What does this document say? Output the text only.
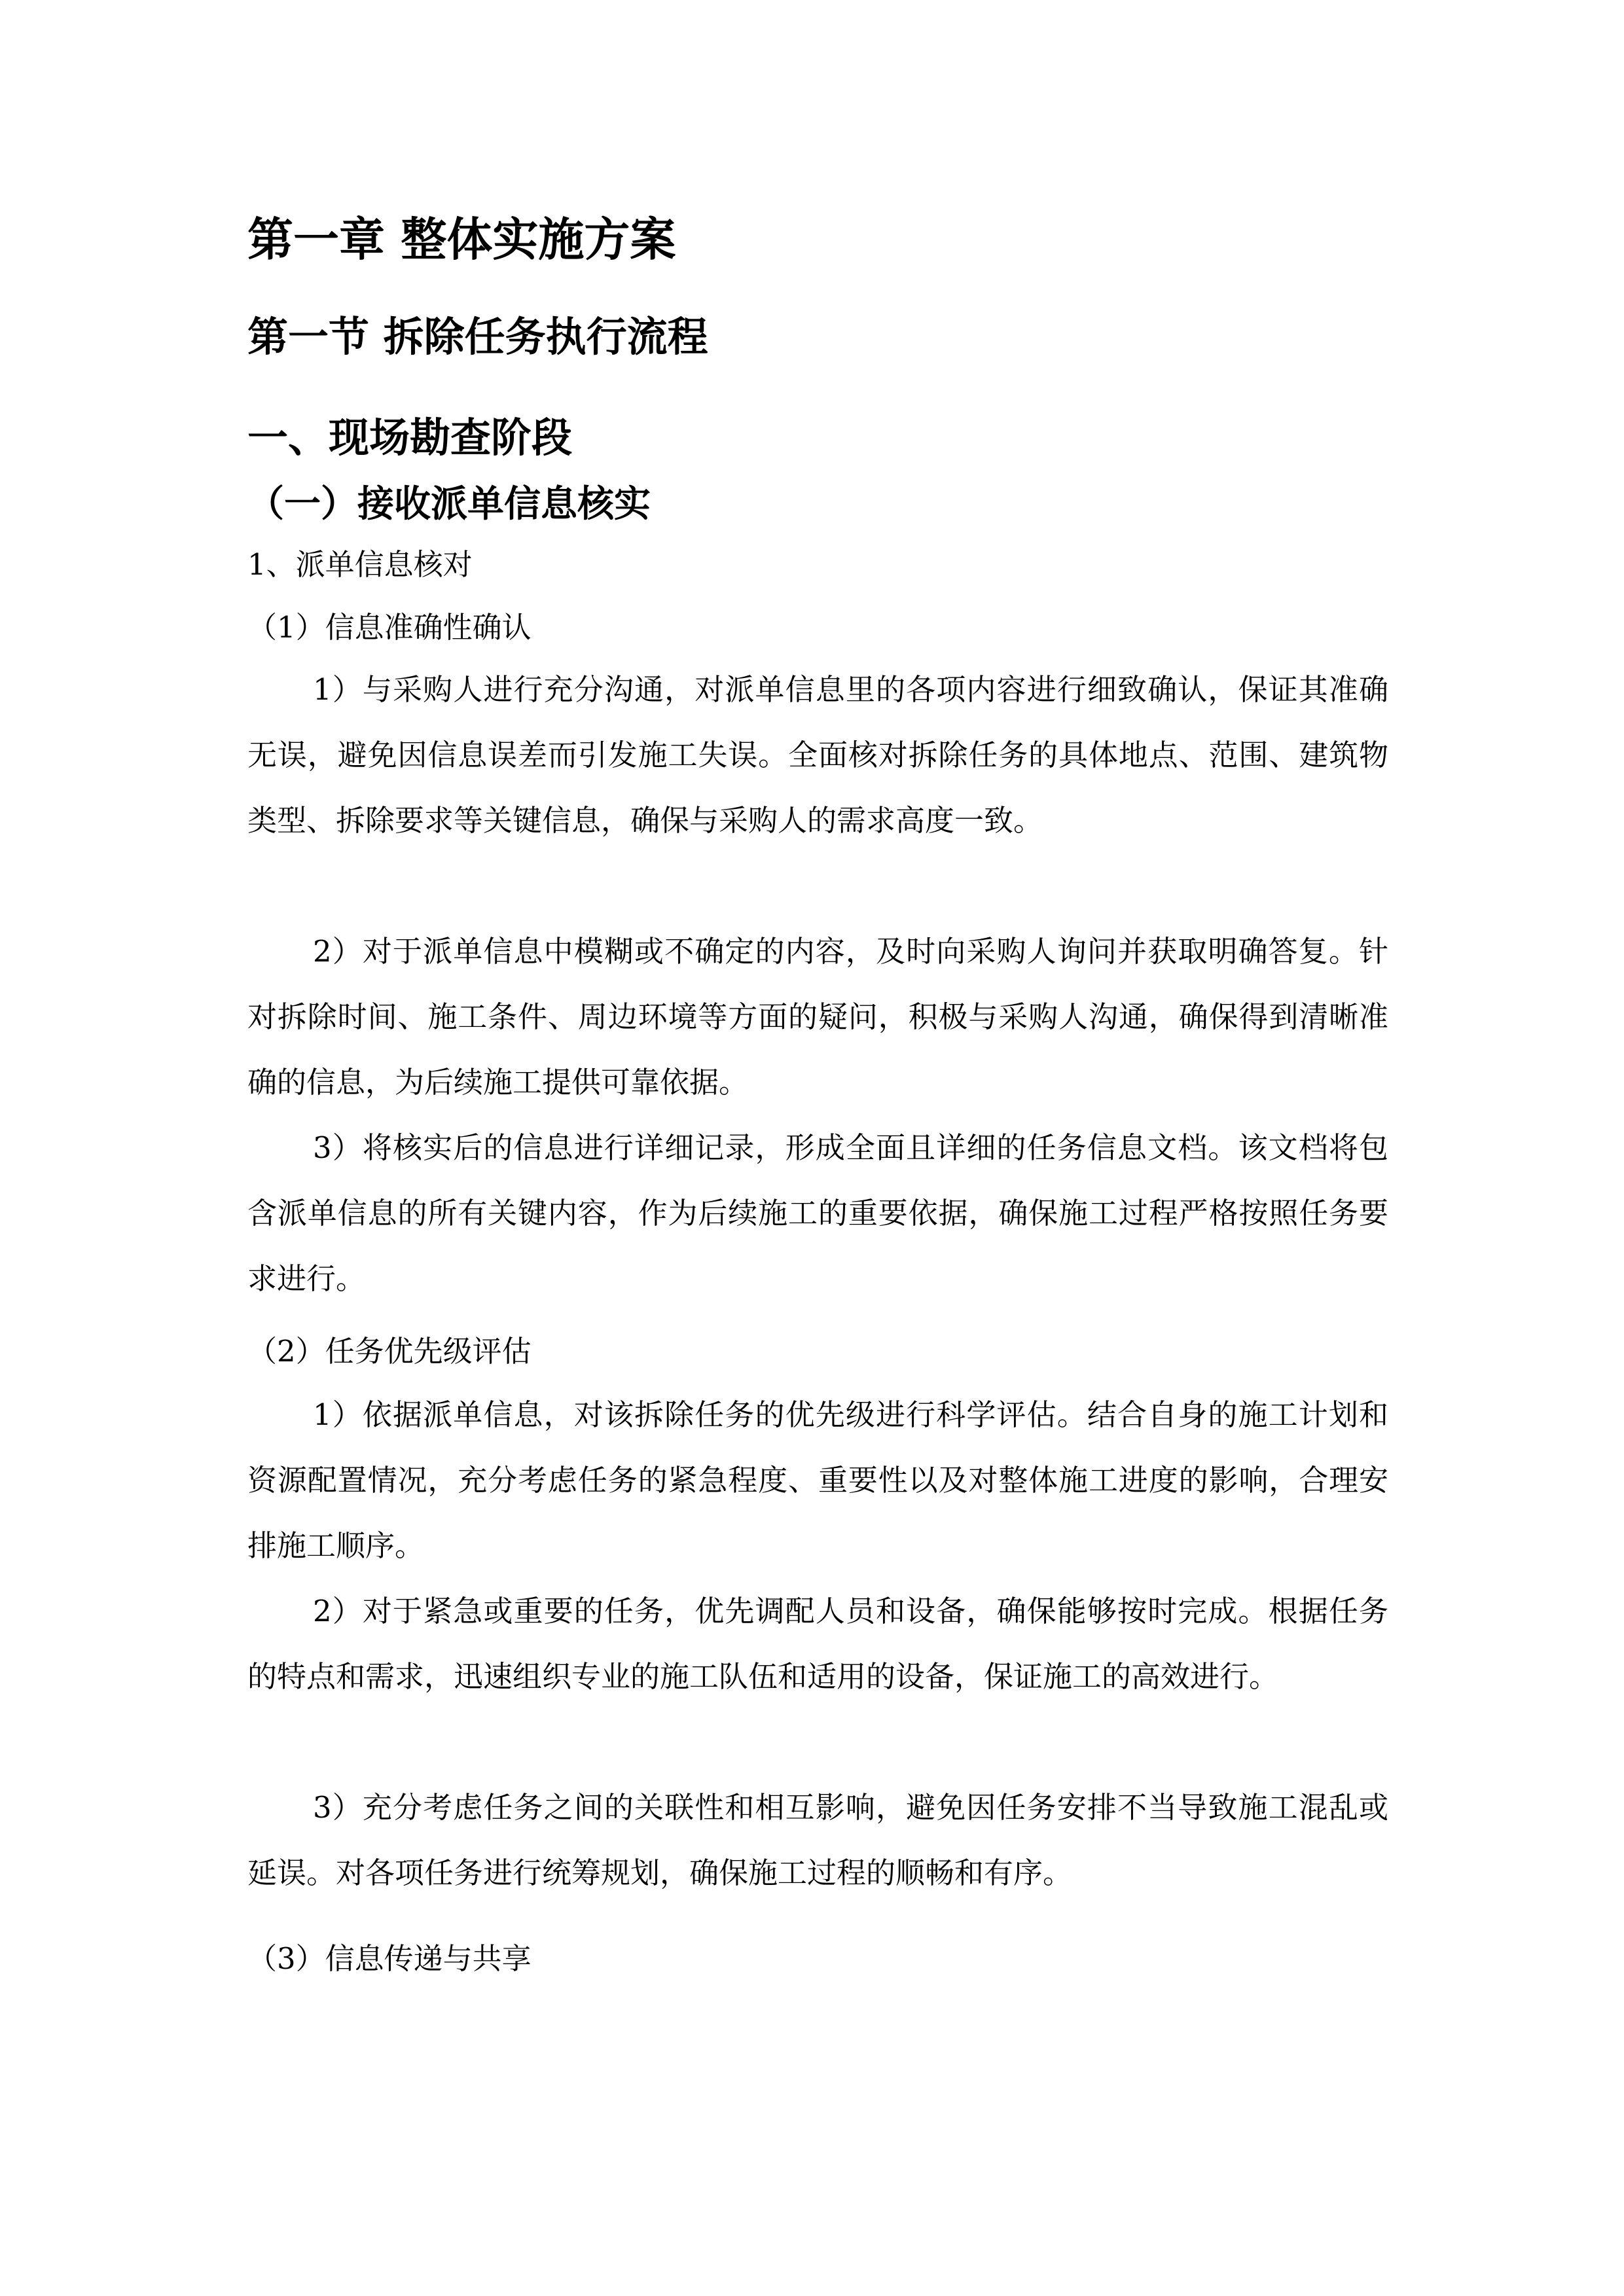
第一章 整体实施方案
第一节 拆除任务执行流程
一、现场勘查阶段
（一）接收派单信息核实

1、派单信息核对

（1）信息准确性确认

1）与采购人进行充分沟通，对派单信息里的各项内容进行细致确认，保证其准确无误，避免因信息误差而引发施工失误。全面核对拆除任务的具体地点、范围、建筑物类型、拆除要求等关键信息，确保与采购人的需求高度一致。

2）对于派单信息中模糊或不确定的内容，及时向采购人询问并获取明确答复。针对拆除时间、施工条件、周边环境等方面的疑问，积极与采购人沟通，确保得到清晰准确的信息，为后续施工提供可靠依据。

3）将核实后的信息进行详细记录，形成全面且详细的任务信息文档。该文档将包含派单信息的所有关键内容，作为后续施工的重要依据，确保施工过程严格按照任务要求进行。

（2）任务优先级评估

1）依据派单信息，对该拆除任务的优先级进行科学评估。结合自身的施工计划和资源配置情况，充分考虑任务的紧急程度、重要性以及对整体施工进度的影响，合理安排施工顺序。

2）对于紧急或重要的任务，优先调配人员和设备，确保能够按时完成。根据任务的特点和需求，迅速组织专业的施工队伍和适用的设备，保证施工的高效进行。

3）充分考虑任务之间的关联性和相互影响，避免因任务安排不当导致施工混乱或延误。对各项任务进行统筹规划，确保施工过程的顺畅和有序。

（3）信息传递与共享
